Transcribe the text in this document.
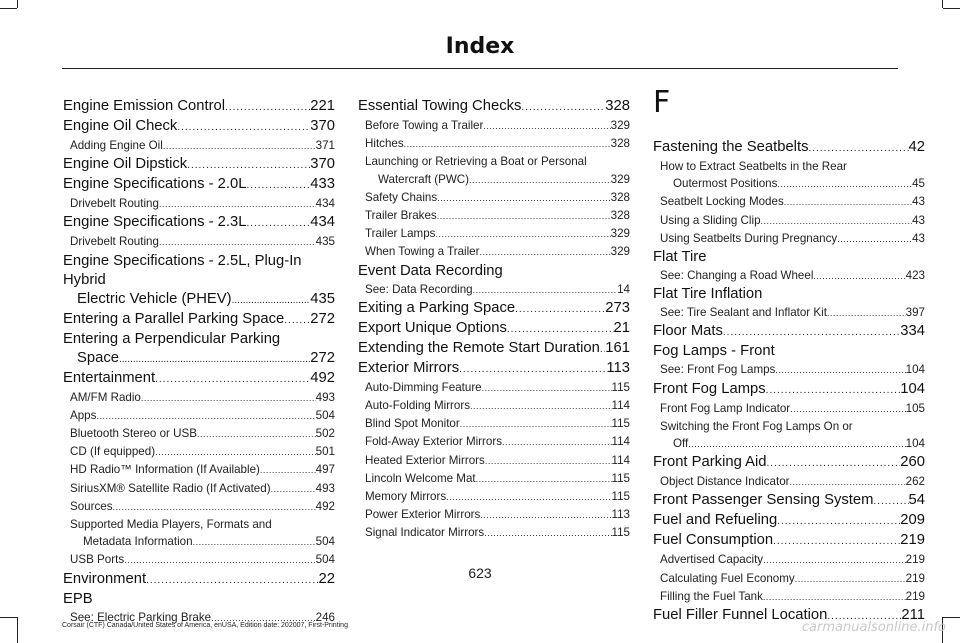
Index
Engine Emission Control .....	221
Engine Oil Check .....	370
Adding Engine Oil .....	371
Engine Oil Dipstick .....	370
Engine Specifications - 2.0L .....	433
Drivebelt Routing .....	434
Engine Specifications - 2.3L .....	434
Drivebelt Routing .....	435
Engine Specifications - 2.5L, Plug-In Hybrid
Electric Vehicle (PHEV) .....	435
Entering a Parallel Parking Space ..... 272
Entering a Perpendicular Parking
Space .....	272
Entertainment .....	492
AM/FM Radio .....	493
Apps .....	504
Bluetooth Stereo or USB .....	502
CD (If equipped) .....	501
HD Radio™ Information (If Available) .....	497
SiriusXM® Satellite Radio (If Activated) .....	493
Sources .....	492
Supported Media Players, Formats and
Metadata Information .....	504
USB Ports .....	504
Environment .....	22
EPB
See: Electric Parking Brake .....	246
Essential Towing Checks .....	328
Before Towing a Trailer .....	329
Hitches .....	328
Launching or Retrieving a Boat or Personal
Watercraft (PWC) .....	329
Safety Chains .....	328
Trailer Brakes .....	328
Trailer Lamps .....	329
When Towing a Trailer .....	329
Event Data Recording
See: Data Recording .....	14
Exiting a Parking Space .....	273
Export Unique Options .....	21
Extending the Remote Start Duration ..... 161
Exterior Mirrors .....	113
Auto-Dimming Feature .....	115
Auto-Folding Mirrors .....	114
Blind Spot Monitor .....	115
Fold-Away Exterior Mirrors .....	114
Heated Exterior Mirrors .....	114
Lincoln Welcome Mat .....	115
Memory Mirrors .....	115
Power Exterior Mirrors .....	113
Signal Indicator Mirrors .....	115
F
Fastening the Seatbelts .....	42
How to Extract Seatbelts in the Rear
Outermost Positions .....	45
Seatbelt Locking Modes .....	43
Using a Sliding Clip .....	43
Using Seatbelts During Pregnancy .....	43
Flat Tire
See: Changing a Road Wheel .....	423
Flat Tire Inflation
See: Tire Sealant and Inflator Kit .....	397
Floor Mats .....	334
Fog Lamps - Front
See: Front Fog Lamps .....	104
Front Fog Lamps .....	104
Front Fog Lamp Indicator .....	105
Switching the Front Fog Lamps On or
Off .....	104
Front Parking Aid .....	260
Object Distance Indicator .....	262
Front Passenger Sensing System ..... 54
Fuel and Refueling .....	209
Fuel Consumption .....	219
Advertised Capacity .....	219
Calculating Fuel Economy .....	219
Filling the Fuel Tank .....	219
Fuel Filler Funnel Location .....	211
623
Corsair (CTF) Canada/United States of America, enUSA, Edition date: 202007, First-Printing	carmanualsonline.info
